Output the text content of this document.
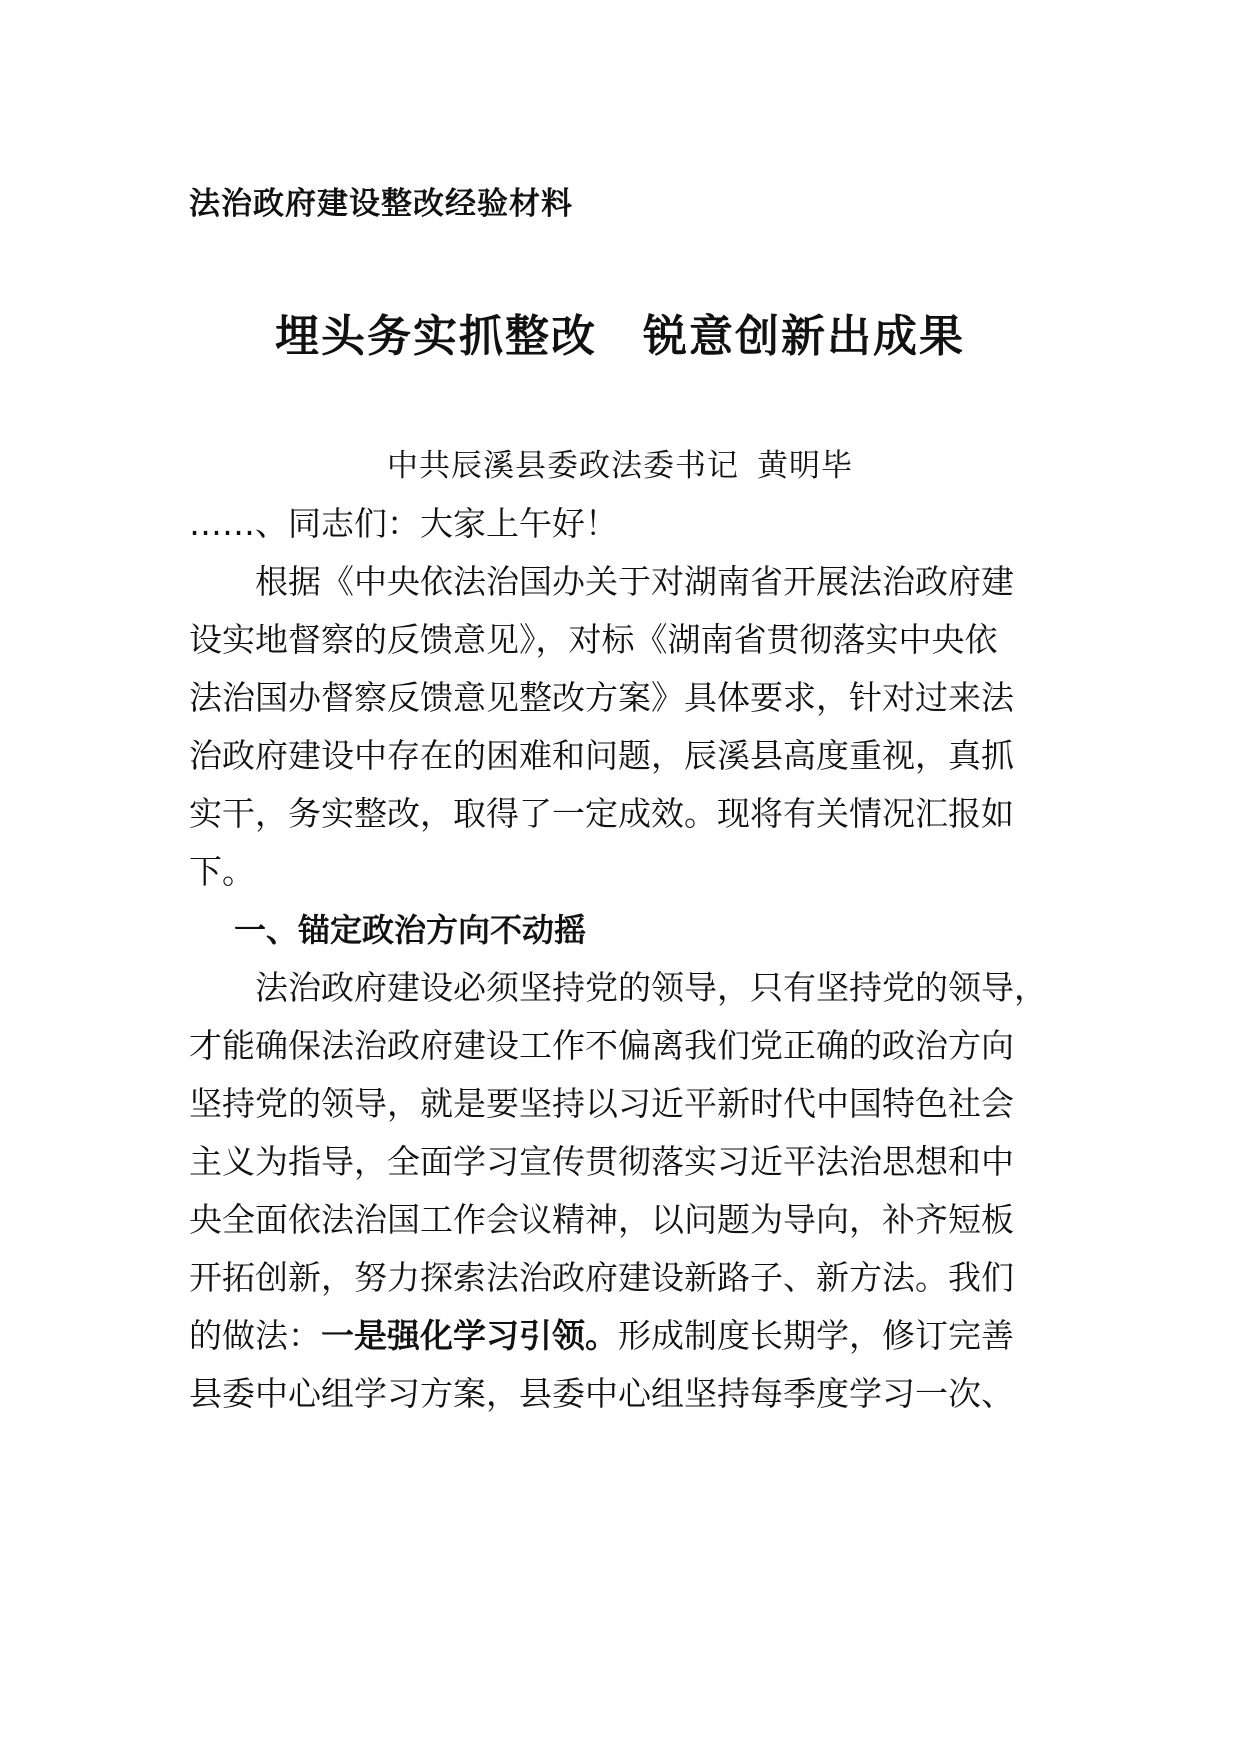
法治政府建设整改经验材料
埋头务实抓整改 锐意创新出成果
中共辰溪县委政法委书记 黄明毕
……、同志们：大家上午好！
根据《中央依法治国办关于对湖南省开展法治政府建
设实地督察的反馈意见》，对标《湖南省贯彻落实中央依
法治国办督察反馈意见整改方案》具体要求，针对过来法
治政府建设中存在的困难和问题，辰溪县高度重视，真抓
实干，务实整改，取得了一定成效。现将有关情况汇报如
下。
一、锚定政治方向不动摇
法治政府建设必须坚持党的领导，只有坚持党的领导，
才能确保法治政府建设工作不偏离我们党正确的政治方向
坚持党的领导，就是要坚持以习近平新时代中国特色社会
主义为指导，全面学习宣传贯彻落实习近平法治思想和中
央全面依法治国工作会议精神，以问题为导向，补齐短板
开拓创新，努力探索法治政府建设新路子、新方法。我们
的做法：一是强化学习引领。形成制度长期学，修订完善
县委中心组学习方案，县委中心组坚持每季度学习一次、
